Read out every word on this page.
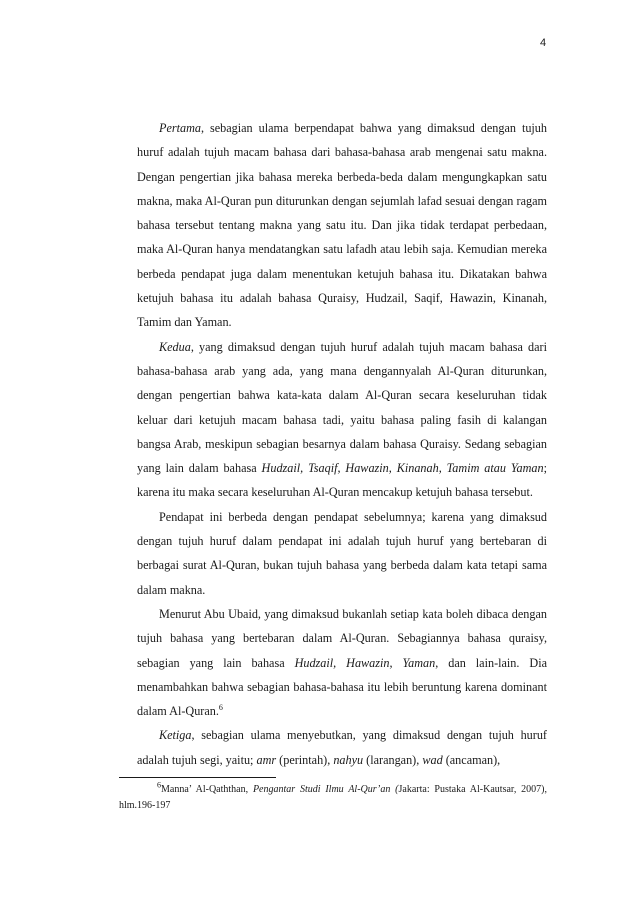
4

Pertama, sebagian ulama berpendapat bahwa yang dimaksud dengan tujuh huruf adalah tujuh macam bahasa dari bahasa-bahasa arab mengenai satu makna. Dengan pengertian jika bahasa mereka berbeda-beda dalam mengungkapkan satu makna, maka Al-Quran pun diturunkan dengan sejumlah lafad sesuai dengan ragam bahasa tersebut tentang makna yang satu itu. Dan jika tidak terdapat perbedaan, maka Al-Quran hanya mendatangkan satu lafadh atau lebih saja. Kemudian mereka berbeda pendapat juga dalam menentukan ketujuh bahasa itu. Dikatakan bahwa ketujuh bahasa itu adalah bahasa Quraisy, Hudzail, Saqif, Hawazin, Kinanah, Tamim dan Yaman.

Kedua, yang dimaksud dengan tujuh huruf adalah tujuh macam bahasa dari bahasa-bahasa arab yang ada, yang mana dengannyalah Al-Quran diturunkan, dengan pengertian bahwa kata-kata dalam Al-Quran secara keseluruhan tidak keluar dari ketujuh macam bahasa tadi, yaitu bahasa paling fasih di kalangan bangsa Arab, meskipun sebagian besarnya dalam bahasa Quraisy. Sedang sebagian yang lain dalam bahasa Hudzail, Tsaqif, Hawazin, Kinanah, Tamim atau Yaman; karena itu maka secara keseluruhan Al-Quran mencakup ketujuh bahasa tersebut.

Pendapat ini berbeda dengan pendapat sebelumnya; karena yang dimaksud dengan tujuh huruf dalam pendapat ini adalah tujuh huruf yang bertebaran di berbagai surat Al-Quran, bukan tujuh bahasa yang berbeda dalam kata tetapi sama dalam makna.

Menurut Abu Ubaid, yang dimaksud bukanlah setiap kata boleh dibaca dengan tujuh bahasa yang bertebaran dalam Al-Quran. Sebagiannya bahasa quraisy, sebagian yang lain bahasa Hudzail, Hawazin, Yaman, dan lain-lain. Dia menambahkan bahwa sebagian bahasa-bahasa itu lebih beruntung karena dominant dalam Al-Quran.$^6$

Ketiga, sebagian ulama menyebutkan, yang dimaksud dengan tujuh huruf adalah tujuh segi, yaitu; amr (perintah), nahyu (larangan), wad (ancaman),

$^6$Manna’ Al-Qaththan, Pengantar Studi Ilmu Al-Qur’an (Jakarta: Pustaka Al-Kautsar, 2007), hlm.196-197
